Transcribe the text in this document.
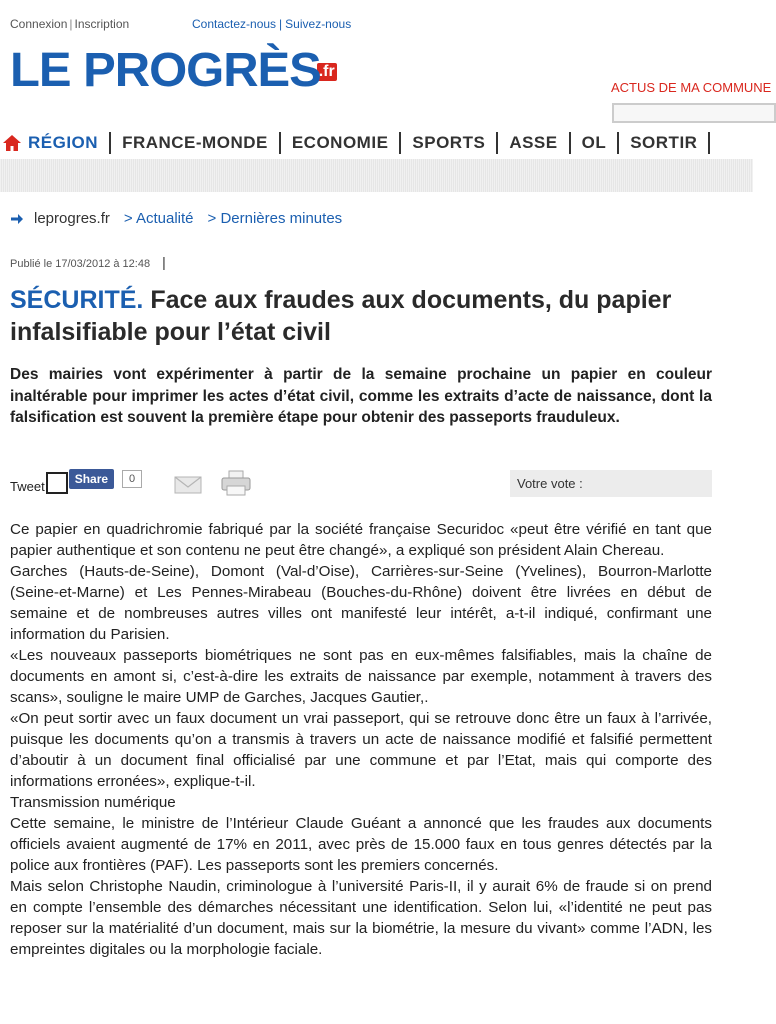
Connexion | Inscription	Contactez-nous | Suivez-nous
LE PROGRÈS
.fr
ACTUS DE MA COMMUNE
RÉGION	FRANCE-MONDE	ECONOMIE	SPORTS	ASSE	OL	SORTIR
leprogres.fr > Actualité > Dernières minutes
Publié le 17/03/2012 à 12:48 |
SÉCURITÉ. Face aux fraudes aux documents, du papier infalsifiable pour l’état civil
Des mairies vont expérimenter à partir de la semaine prochaine un papier en couleur inaltérable pour imprimer les actes d’état civil, comme les extraits d’acte de naissance, dont la falsification est souvent la première étape pour obtenir des passeports frauduleux.
Tweet	Share	0	Votre vote :

Ce papier en quadrichromie fabriqué par la société française Securidoc «peut être vérifié en tant que papier authentique et son contenu ne peut être changé», a expliqué son président Alain Chereau.

Garches (Hauts-de-Seine), Domont (Val-d’Oise), Carrières-sur-Seine (Yvelines), Bourron-Marlotte (Seine-et-Marne) et Les Pennes-Mirabeau (Bouches-du-Rhône) doivent être livrées en début de semaine et de nombreuses autres villes ont manifesté leur intérêt, a-t-il indiqué, confirmant une information du Parisien.

«Les nouveaux passeports biométriques ne sont pas en eux-mêmes falsifiables, mais la chaîne de documents en amont si, c’est-à-dire les extraits de naissance par exemple, notamment à travers des scans», souligne le maire UMP de Garches, Jacques Gautier,.

«On peut sortir avec un faux document un vrai passeport, qui se retrouve donc être un faux à l’arrivée, puisque les documents qu’on a transmis à travers un acte de naissance modifié et falsifié permettent d’aboutir à un document final officialisé par une commune et par l’Etat, mais qui comporte des informations erronées», explique-t-il.

Transmission numérique

Cette semaine, le ministre de l’Intérieur Claude Guéant a annoncé que les fraudes aux documents officiels avaient augmenté de 17% en 2011, avec près de 15.000 faux en tous genres détectés par la police aux frontières (PAF). Les passeports sont les premiers concernés.

Mais selon Christophe Naudin, criminologue à l’université Paris-II, il y aurait 6% de fraude si on prend en compte l’ensemble des démarches nécessitant une identification. Selon lui, «l’identité ne peut pas reposer sur la matérialité d’un document, mais sur la biométrie, la mesure du vivant» comme l’ADN, les empreintes digitales ou la morphologie faciale.
